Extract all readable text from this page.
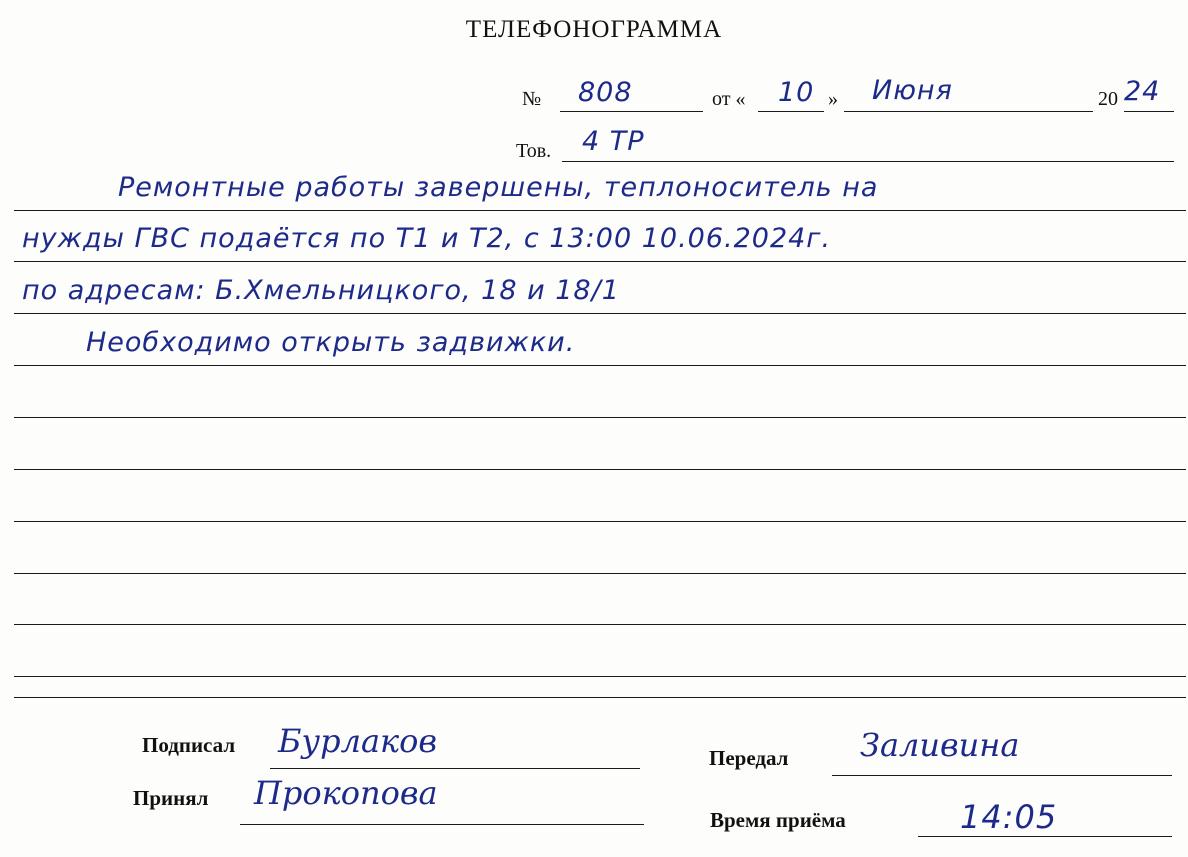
ТЕЛЕФОНОГРАММА
№ 808	от « 10 » Июня	20 24
Тов. 4 ТР
Ремонтные работы завершены, теплоноситель на
нужды ГВС подаётся по Т1 и Т2, с 13:00 10.06.2024г.
по адресам: Б.Хмельницкого, 18 и 18/1
Необходимо открыть задвижки.
Подписал Бурлаков
Принял Прокопова
Передал Заливина
Время приёма	14:05
